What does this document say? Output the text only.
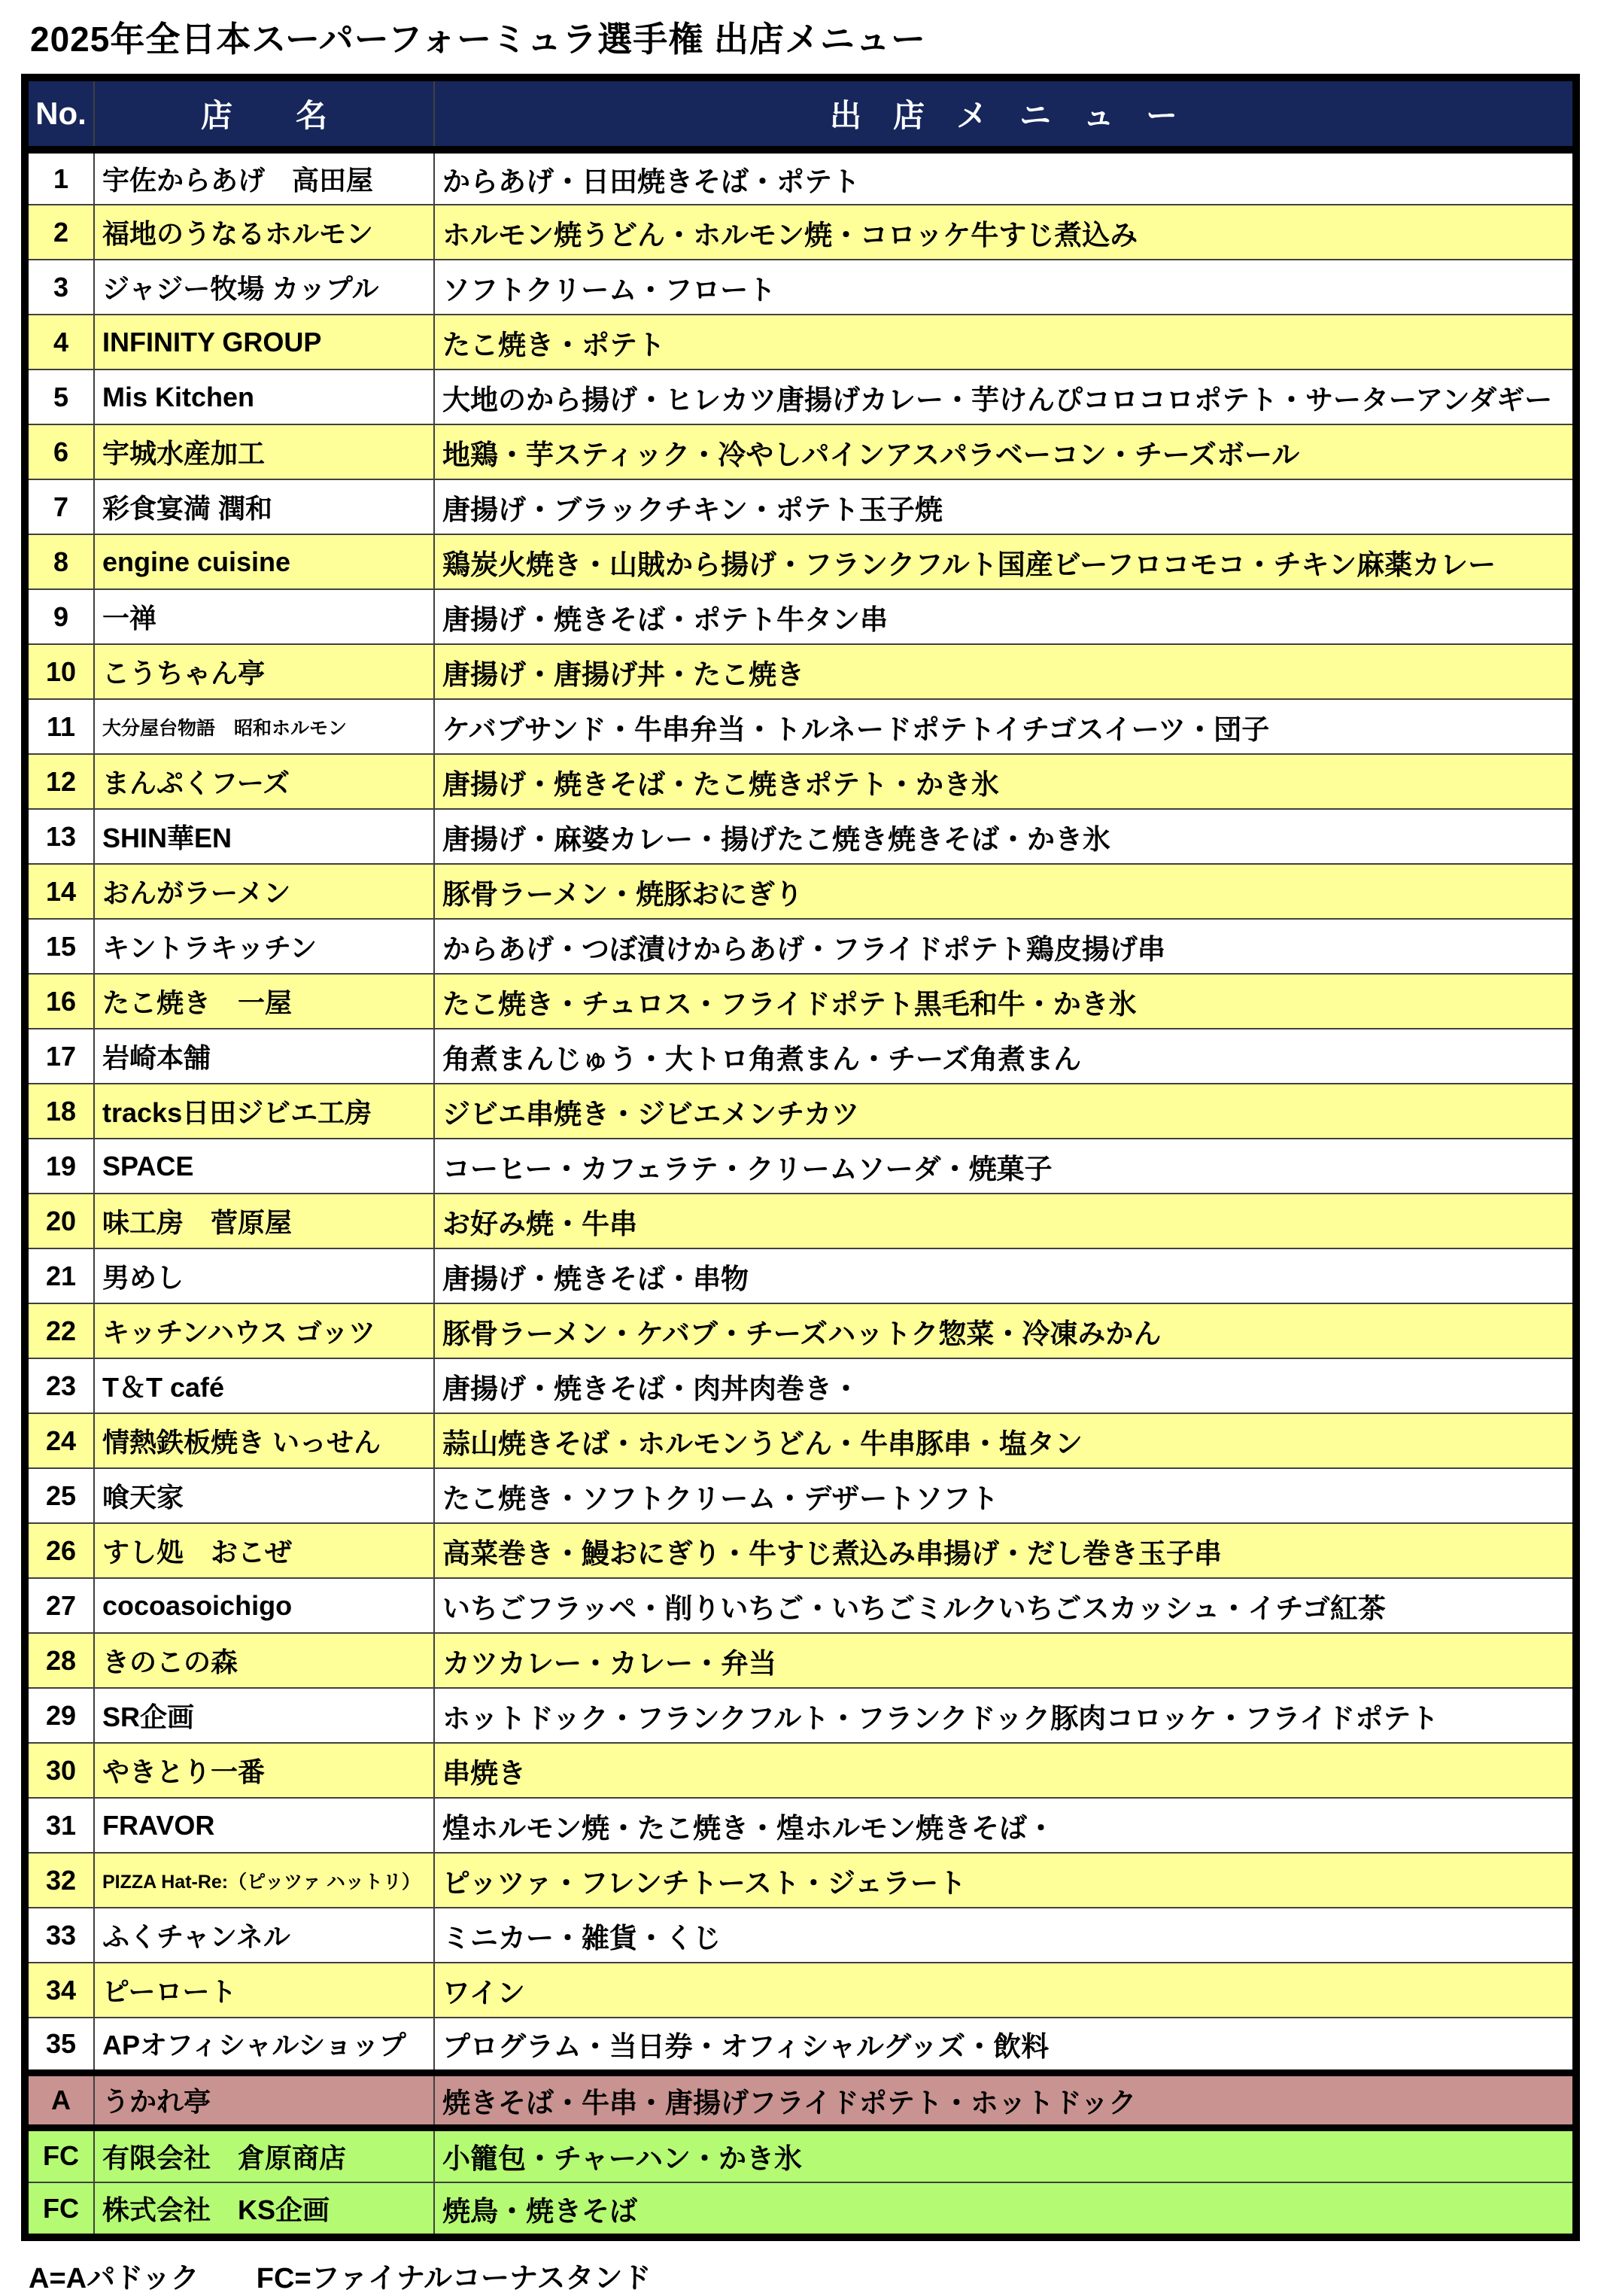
2025年全日本スーパーフォーミュラ選手権 出店メニュー
No.	店　　名	出　店　メ　ニ　ュ　ー
1	宇佐からあげ　高田屋	からあげ・日田焼きそば・ポテト
2	福地のうなるホルモン	ホルモン焼うどん・ホルモン焼・コロッケ牛すじ煮込み
3	ジャジー牧場 カップル	ソフトクリーム・フロート
4	INFINITY GROUP	たこ焼き・ポテト
5	Mis Kitchen	大地のから揚げ・ヒレカツ唐揚げカレー・芋けんぴコロコロポテト・サーターアンダギー
6	宇城水産加工	地鶏・芋スティック・冷やしパインアスパラベーコン・チーズボール
7	彩食宴満 潤和	唐揚げ・ブラックチキン・ポテト玉子焼
8	engine cuisine	鶏炭火焼き・山賊から揚げ・フランクフルト国産ビーフロコモコ・チキン麻薬カレー
9	一禅	唐揚げ・焼きそば・ポテト牛タン串
10	こうちゃん亭	唐揚げ・唐揚げ丼・たこ焼き
11	大分屋台物語　昭和ホルモン	ケバブサンド・牛串弁当・トルネードポテトイチゴスイーツ・団子
12	まんぷくフーズ	唐揚げ・焼きそば・たこ焼きポテト・かき氷
13	SHIN華EN	唐揚げ・麻婆カレー・揚げたこ焼き焼きそば・かき氷
14	おんがラーメン	豚骨ラーメン・焼豚おにぎり
15	キントラキッチン	からあげ・つぼ漬けからあげ・フライドポテト鶏皮揚げ串
16	たこ焼き　一屋	たこ焼き・チュロス・フライドポテト黒毛和牛・かき氷
17	岩崎本舗	角煮まんじゅう・大トロ角煮まん・チーズ角煮まん
18	tracks日田ジビエ工房	ジビエ串焼き・ジビエメンチカツ
19	SPACE	コーヒー・カフェラテ・クリームソーダ・焼菓子
20	味工房　菅原屋	お好み焼・牛串
21	男めし	唐揚げ・焼きそば・串物
22	キッチンハウス ゴッツ	豚骨ラーメン・ケバブ・チーズハットク惣菜・冷凍みかん
23	T＆T café	唐揚げ・焼きそば・肉丼肉巻き・
24	情熱鉄板焼き いっせん	蒜山焼きそば・ホルモンうどん・牛串豚串・塩タン
25	喰天家	たこ焼き・ソフトクリーム・デザートソフト
26	すし処　おこぜ	高菜巻き・鰻おにぎり・牛すじ煮込み串揚げ・だし巻き玉子串
27	cocoasoichigo	いちごフラッペ・削りいちご・いちごミルクいちごスカッシュ・イチゴ紅茶
28	きのこの森	カツカレー・カレー・弁当
29	SR企画	ホットドック・フランクフルト・フランクドック豚肉コロッケ・フライドポテト
30	やきとり一番	串焼き
31	FRAVOR	煌ホルモン焼・たこ焼き・煌ホルモン焼きそば・
32	PIZZA Hat-Re:（ピッツァ ハットリ）	ピッツァ・フレンチトースト・ジェラート
33	ふくチャンネル	ミニカー・雑貨・くじ
34	ピーロート	ワイン
35	APオフィシャルショップ	プログラム・当日券・オフィシャルグッズ・飲料
A	うかれ亭	焼きそば・牛串・唐揚げフライドポテト・ホットドック
FC	有限会社　倉原商店	小籠包・チャーハン・かき氷
FC	株式会社　KS企画	焼鳥・焼きそば
A=Aパドック　　FC=ファイナルコーナスタンド
